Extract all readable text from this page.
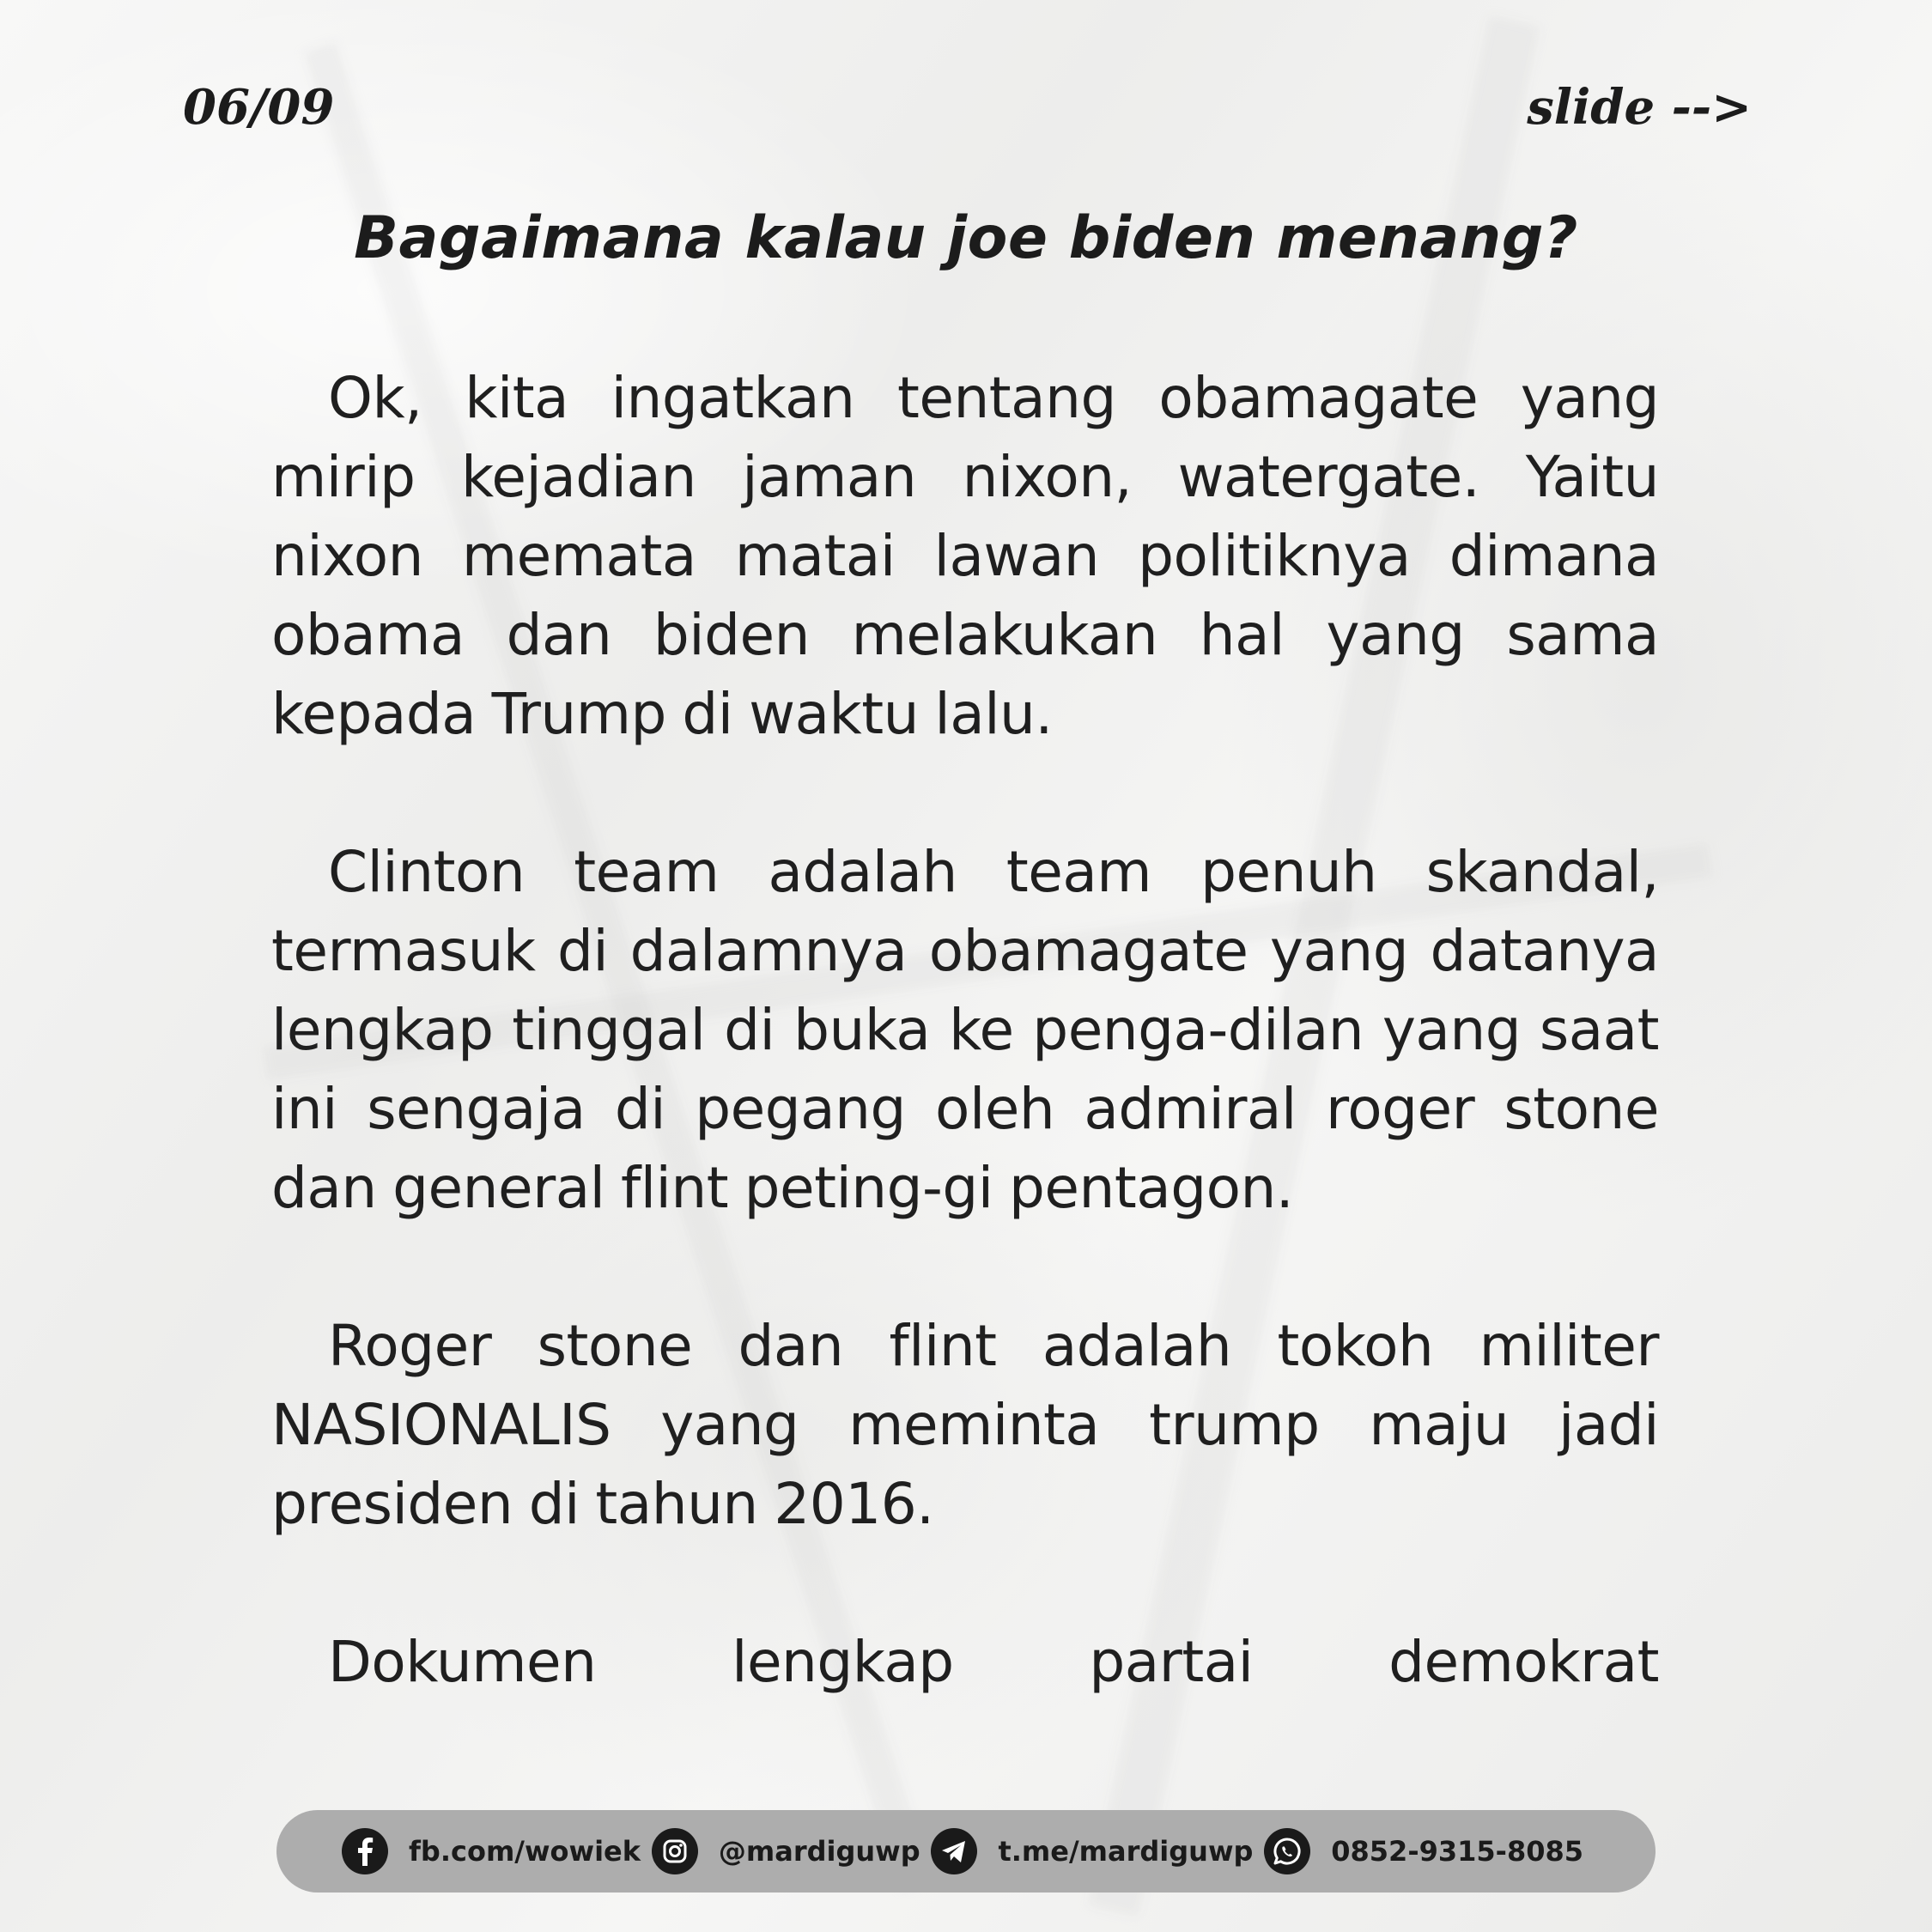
06/09	slide -->
Bagaimana kalau joe biden menang?

Ok, kita ingatkan tentang obamagate yang mirip kejadian jaman nixon, watergate. Yaitu nixon memata matai lawan politiknya dimana obama dan biden melakukan hal yang sama kepada Trump di waktu lalu.

Clinton team adalah team penuh skandal, termasuk di dalamnya obamagate yang datanya lengkap tinggal di buka ke penga-dilan yang saat ini sengaja di pegang oleh admiral roger stone dan general flint peting-gi pentagon.

Roger stone dan flint adalah tokoh militer NASIONALIS yang meminta trump maju jadi presiden di tahun 2016.

Dokumen lengkap partai demokrat

fb.com/wowiek	@mardiguwp	t.me/mardiguwp	0852-9315-8085
